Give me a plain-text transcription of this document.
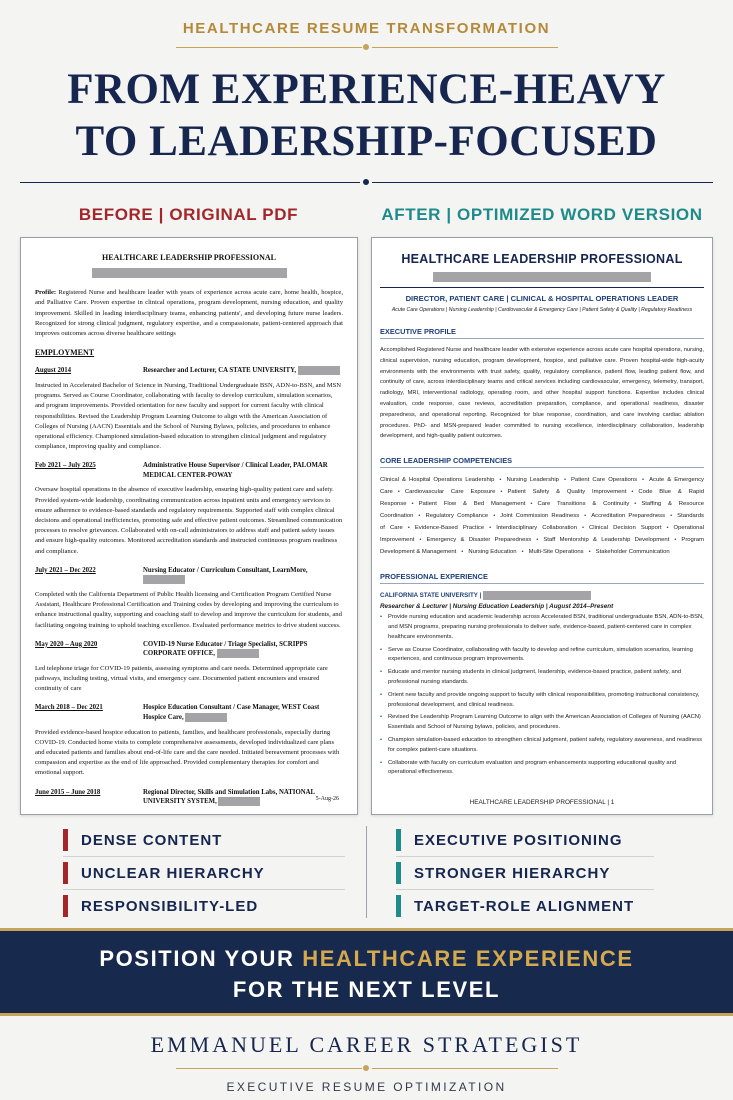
HEALTHCARE RESUME TRANSFORMATION
FROM EXPERIENCE-HEAVY
TO LEADERSHIP-FOCUSED
BEFORE | ORIGINAL PDF	AFTER | OPTIMIZED WORD VERSION
HEALTHCARE LEADERSHIP PROFESSIONAL
Profile: Registered Nurse and healthcare leader with years of experience across acute care, home health, hospice, and Palliative Care. Proven expertise in clinical operations, program development, nursing education, and quality improvement. Skilled in leading interdisciplinary teams, enhancing patients', and developing future nurse leaders. Recognized for strong clinical judgment, regulatory expertise, and a compassionate, patient-centered approach that improves outcomes across diverse healthcare settings
EMPLOYMENT
August 2014	Researcher and Lecturer, CA STATE UNIVERSITY,
Instructed in Accelerated Bachelor of Science in Nursing, Traditional Undergraduate BSN, ADN-to-BSN, and MSN programs. Served as Course Coordinator, collaborating with faculty to develop curriculum, simulation scenarios, and program improvements. Provided orientation for new faculty and support for current faculty with clinical responsibilities. Revised the Leadership Program Learning Outcome to align with the American Association of Colleges of Nursing (AACN) Essentials and the School of Nursing Bylaws, policies, and procedures to enhance operational efficiency. Championed simulation-based education to strengthen clinical judgment and regulatory compliance, improving quality and compliance.
Feb 2021 – July 2025	Administrative House Supervisor / Clinical Leader, PALOMAR MEDICAL CENTER-POWAY
Oversaw hospital operations in the absence of executive leadership, ensuring high-quality patient care and safety. Provided system-wide leadership, coordinating communication across inpatient units and emergency services to ensure adherence to evidence-based standards and regulatory requirements. Supported staff with complex clinical decisions and operational inefficiencies, promoting safe and effective patient outcomes. Streamlined communication processes to resolve grievances. Collaborated with on-call administrators to address staff and patient safety issues and ensure high-quality outcomes. Monitored accreditation standards and instructed continuous program readiness and compliance.
July 2021 – Dec 2022	Nursing Educator / Curriculum Consultant, LearnMore,
Completed with the California Department of Public Health licensing and Certification Program Certified Nurse Assistant, Healthcare Professional Certification and Training codes by developing and improving the curriculum to enhance instructional quality, supporting and coaching staff to develop and improve the curriculum for students, and facilitating ongoing training to uphold teaching excellence. Evaluated performance metrics to drive student success.
May 2020 – Aug 2020	COVID-19 Nurse Educator / Triage Specialist, SCRIPPS CORPORATE OFFICE,
Led telephone triage for COVID-19 patients, assessing symptoms and care needs. Determined appropriate care pathways, including testing, virtual visits, and emergency care. Documented patient encounters and ensured continuity of care
March 2018 – Dec 2021	Hospice Education Consultant / Case Manager, WEST Coast Hospice Care,
Provided evidence-based hospice education to patients, families, and healthcare professionals, especially during COVID-19. Conducted home visits to complete comprehensive assessments, developed individualized care plans and educated patients and families about end-of-life care and the care needed. Initiated bereavement processes with compassion and expertise as the end of life approached. Provided complementary therapies for comfort and emotional support.
June 2015 – June 2018	Regional Director, Skills and Simulation Labs, NATIONAL UNIVERSITY SYSTEM,	5-Aug-26
HEALTHCARE LEADERSHIP PROFESSIONAL
DIRECTOR, PATIENT CARE | CLINICAL & HOSPITAL OPERATIONS LEADER
Acute Care Operations | Nursing Leadership | Cardiovascular & Emergency Care | Patient Safety & Quality | Regulatory Readiness
EXECUTIVE PROFILE
Accomplished Registered Nurse and healthcare leader with extensive experience across acute care hospital operations, nursing, clinical supervision, nursing education, program development, hospice, and palliative care. Proven hospital-wide high-acuity environments with the environments with trust safety, quality, regulatory compliance, patient flow, leading patient flow, and continuity of care, across interdisciplinary teams and critical services including cardiovascular, emergency, telemetry, transport, radiology, MRI, interventional radiology, operating room, and other hospital support functions. Expertise includes clinical evaluation, code response, case reviews, accreditation preparation, compliance, and operational readiness, disaster preparedness, and operational reporting. Recognized for blue response, coordination, and care involving cardiac ablation procedures. PhD- and MSN-prepared leader committed to nursing excellence, interdisciplinary collaboration, leadership development, and high-quality patient outcomes.
CORE LEADERSHIP COMPETENCIES
Clinical & Hospital Operations Leadership • Nursing Leadership • Patient Care Operations • Acute & Emergency Care • Cardiovascular Care Exposure • Patient Safety & Quality Improvement • Code Blue & Rapid Response • Patient Flow & Bed Management • Care Transitions & Continuity • Staffing & Resource Coordination • Regulatory Compliance • Joint Commission Readiness • Accreditation Preparedness • Standards of Care • Evidence-Based Practice • Interdisciplinary Collaboration • Clinical Decision Support • Operational Improvement • Emergency & Disaster Preparedness • Staff Mentorship & Leadership Development • Program Development & Management • Nursing Education • Multi-Site Operations • Stakeholder Communication
PROFESSIONAL EXPERIENCE
CALIFORNIA STATE UNIVERSITY |
Researcher & Lecturer | Nursing Education Leadership | August 2014–Present
• Provide nursing education and academic leadership across Accelerated BSN, traditional undergraduate BSN, ADN-to-BSN, and MSN programs, preparing nursing professionals to deliver safe, evidence-based, patient-centered care in complex healthcare environments.
• Serve as Course Coordinator, collaborating with faculty to develop and refine curriculum, simulation scenarios, learning experiences, and continuous program improvements.
• Educate and mentor nursing students in clinical judgment, leadership, evidence-based practice, patient safety, and professional nursing standards.
• Orient new faculty and provide ongoing support to faculty with clinical responsibilities, promoting instructional consistency, professional development, and clinical readiness.
• Revised the Leadership Program Learning Outcome to align with the American Association of Colleges of Nursing (AACN) Essentials and School of Nursing bylaws, policies, and procedures.
• Champion simulation-based education to strengthen clinical judgment, patient safety, regulatory awareness, and readiness for complex patient-care situations.
• Collaborate with faculty on curriculum evaluation and program enhancements supporting educational quality and operational effectiveness.
HEALTHCARE LEADERSHIP PROFESSIONAL | 1
DENSE CONTENT
UNCLEAR HIERARCHY
RESPONSIBILITY-LED
EXECUTIVE POSITIONING
STRONGER HIERARCHY
TARGET-ROLE ALIGNMENT
POSITION YOUR HEALTHCARE EXPERIENCE
FOR THE NEXT LEVEL
EMMANUEL CAREER STRATEGIST
EXECUTIVE RESUME OPTIMIZATION
